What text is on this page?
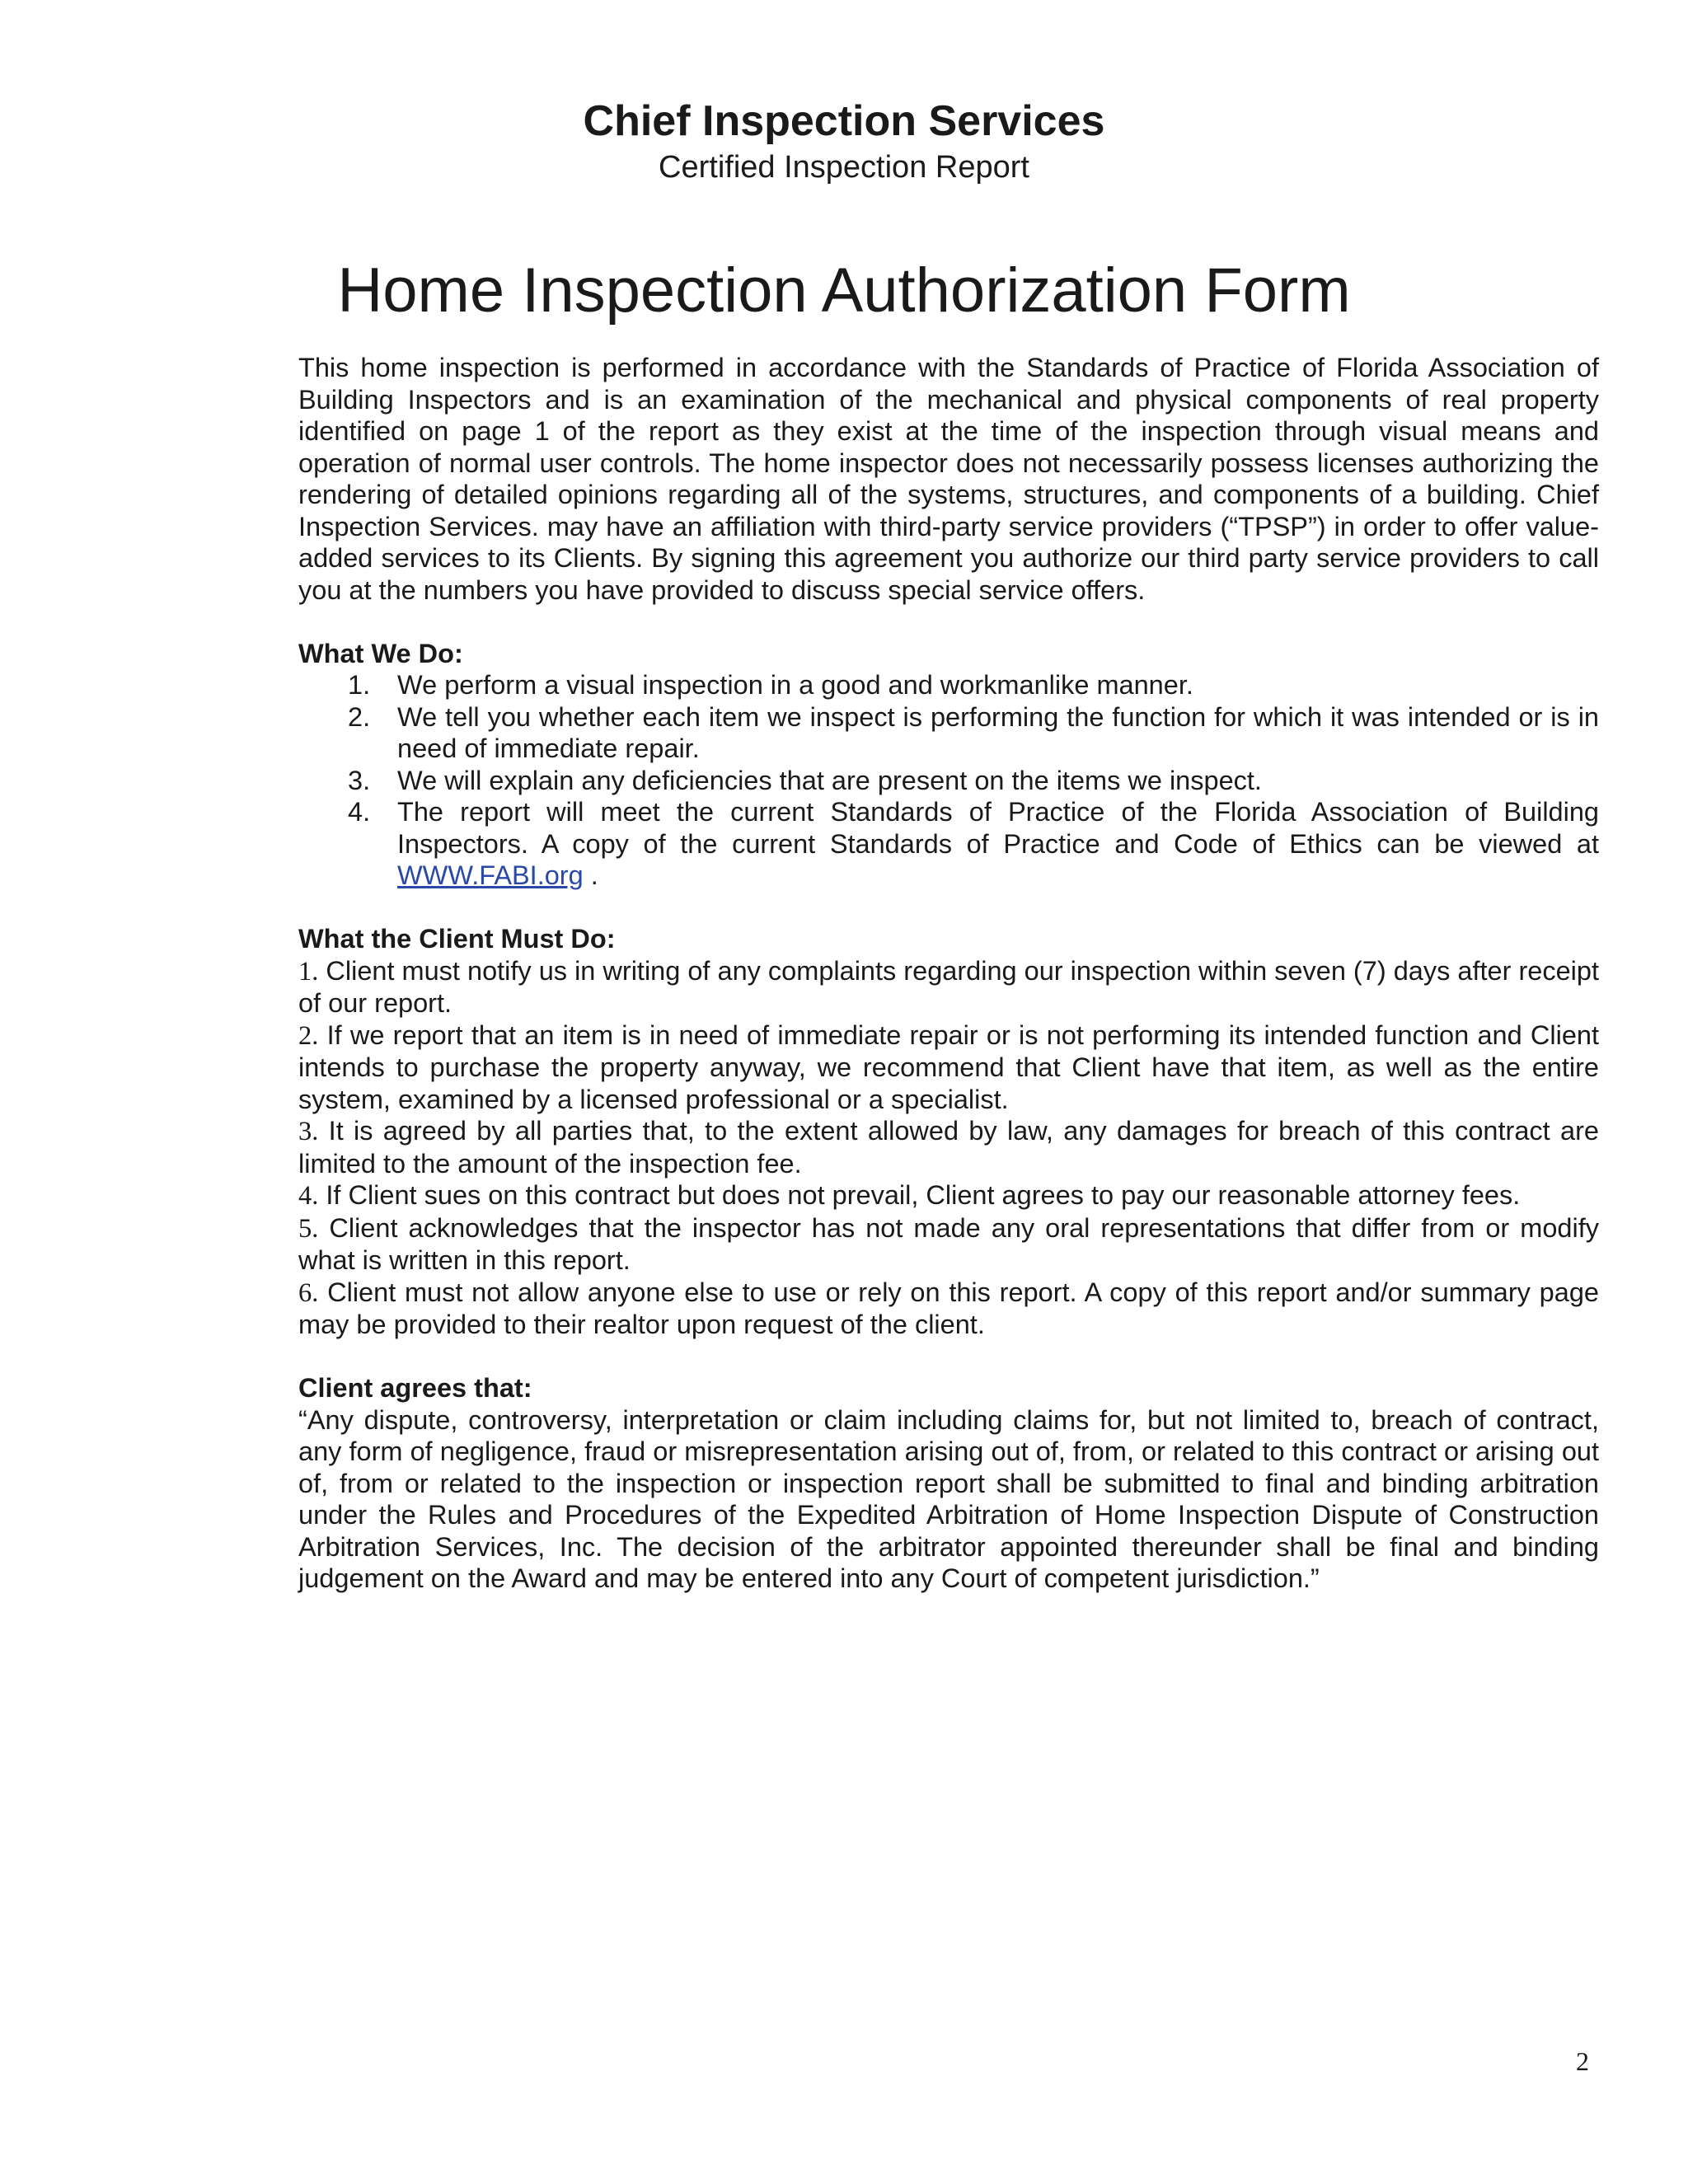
Chief Inspection Services
Certified Inspection Report
Home Inspection Authorization Form

This home inspection is performed in accordance with the Standards of Practice of Florida Association of Building Inspectors and is an examination of the mechanical and physical components of real property identified on page 1 of the report as they exist at the time of the inspection through visual means and operation of normal user controls. The home inspector does not necessarily possess licenses authorizing the rendering of detailed opinions regarding all of the systems, structures, and components of a building. Chief Inspection Services. may have an affiliation with third-party service providers (“TPSP”) in order to offer value-added services to its Clients. By signing this agreement you authorize our third party service providers to call you at the numbers you have provided to discuss special service offers.

What We Do:

1. We perform a visual inspection in a good and workmanlike manner.
2. We tell you whether each item we inspect is performing the function for which it was intended or is in need of immediate repair.
3. We will explain any deficiencies that are present on the items we inspect.
4. The report will meet the current Standards of Practice of the Florida Association of Building Inspectors. A copy of the current Standards of Practice and Code of Ethics can be viewed at WWW.FABI.org .

What the Client Must Do:

1. Client must notify us in writing of any complaints regarding our inspection within seven (7) days after receipt of our report.

2. If we report that an item is in need of immediate repair or is not performing its intended function and Client intends to purchase the property anyway, we recommend that Client have that item, as well as the entire system, examined by a licensed professional or a specialist.

3. It is agreed by all parties that, to the extent allowed by law, any damages for breach of this contract are limited to the amount of the inspection fee.

4. If Client sues on this contract but does not prevail, Client agrees to pay our reasonable attorney fees.

5. Client acknowledges that the inspector has not made any oral representations that differ from or modify what is written in this report.

6. Client must not allow anyone else to use or rely on this report. A copy of this report and/or summary page may be provided to their realtor upon request of the client.

Client agrees that:

“Any dispute, controversy, interpretation or claim including claims for, but not limited to, breach of contract, any form of negligence, fraud or misrepresentation arising out of, from, or related to this contract or arising out of, from or related to the inspection or inspection report shall be submitted to final and binding arbitration under the Rules and Procedures of the Expedited Arbitration of Home Inspection Dispute of Construction Arbitration Services, Inc. The decision of the arbitrator appointed thereunder shall be final and binding judgement on the Award and may be entered into any Court of competent jurisdiction.”

2
